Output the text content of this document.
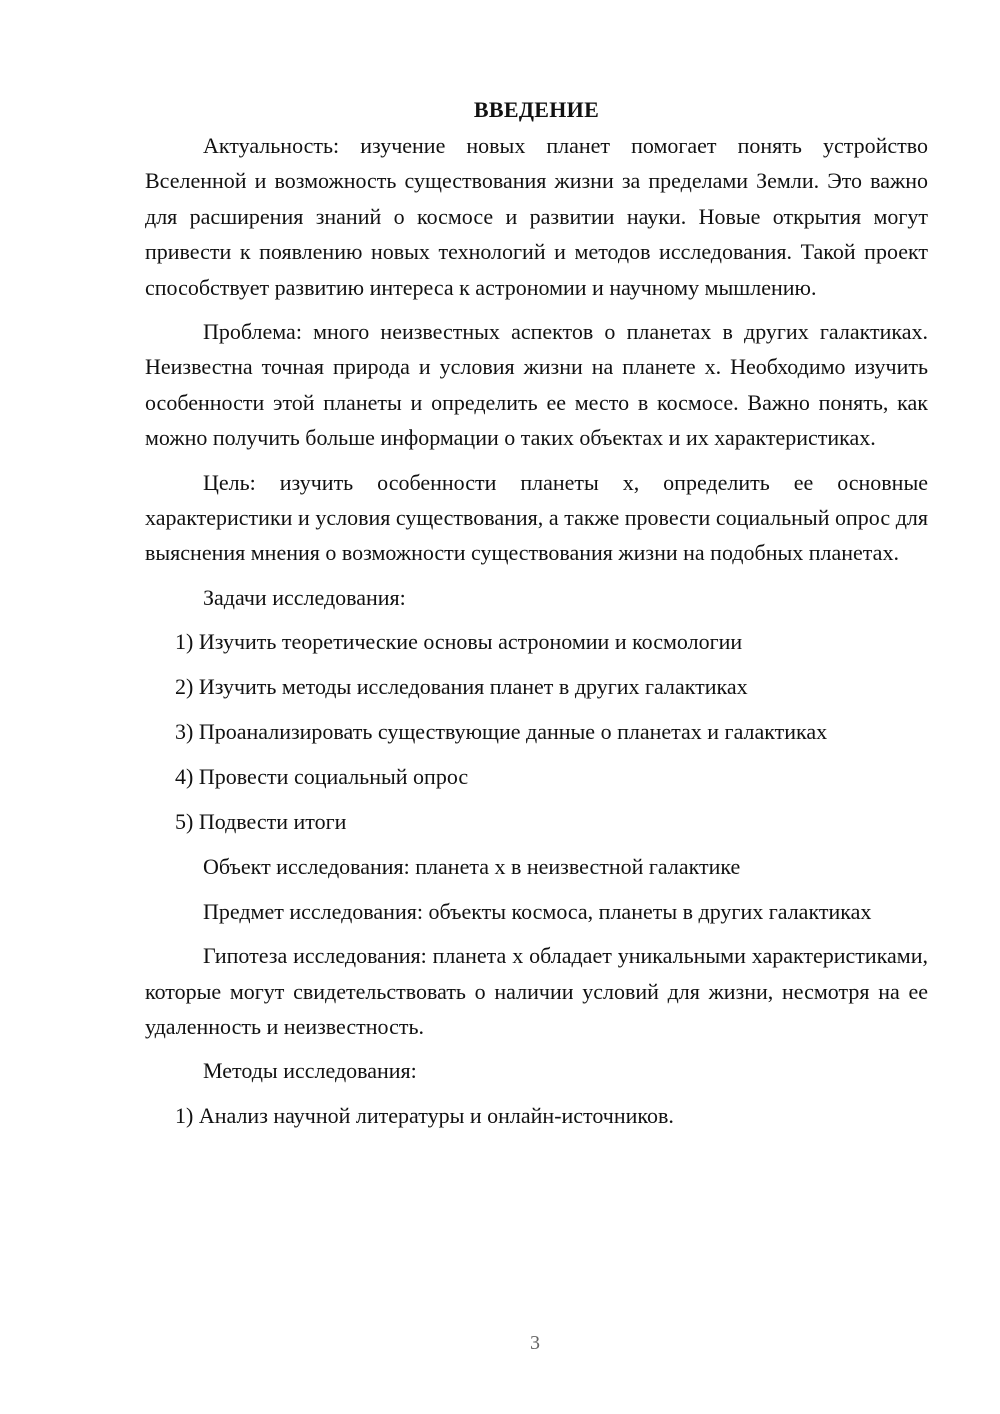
ВВЕДЕНИЕ

Актуальность: изучение новых планет помогает понять устройство Вселенной и возможность существования жизни за пределами Земли. Это важно для расширения знаний о космосе и развитии науки. Новые открытия могут привести к появлению новых технологий и методов исследования. Такой проект способствует развитию интереса к астрономии и научному мышлению.

Проблема: много неизвестных аспектов о планетах в других галактиках. Неизвестна точная природа и условия жизни на планете х. Необходимо изучить особенности этой планеты и определить ее место в космосе. Важно понять, как можно получить больше информации о таких объектах и их характеристиках.

Цель: изучить особенности планеты х, определить ее основные характеристики и условия существования, а также провести социальный опрос для выяснения мнения о возможности существования жизни на подобных планетах.

Задачи исследования:

1) Изучить теоретические основы астрономии и космологии
2) Изучить методы исследования планет в других галактиках
3) Проанализировать существующие данные о планетах и галактиках
4) Провести социальный опрос
5) Подвести итоги

Объект исследования: планета х в неизвестной галактике

Предмет исследования: объекты космоса, планеты в других галактиках

Гипотеза исследования: планета х обладает уникальными характеристиками, которые могут свидетельствовать о наличии условий для жизни, несмотря на ее удаленность и неизвестность.

Методы исследования:

1) Анализ научной литературы и онлайн-источников.
3
